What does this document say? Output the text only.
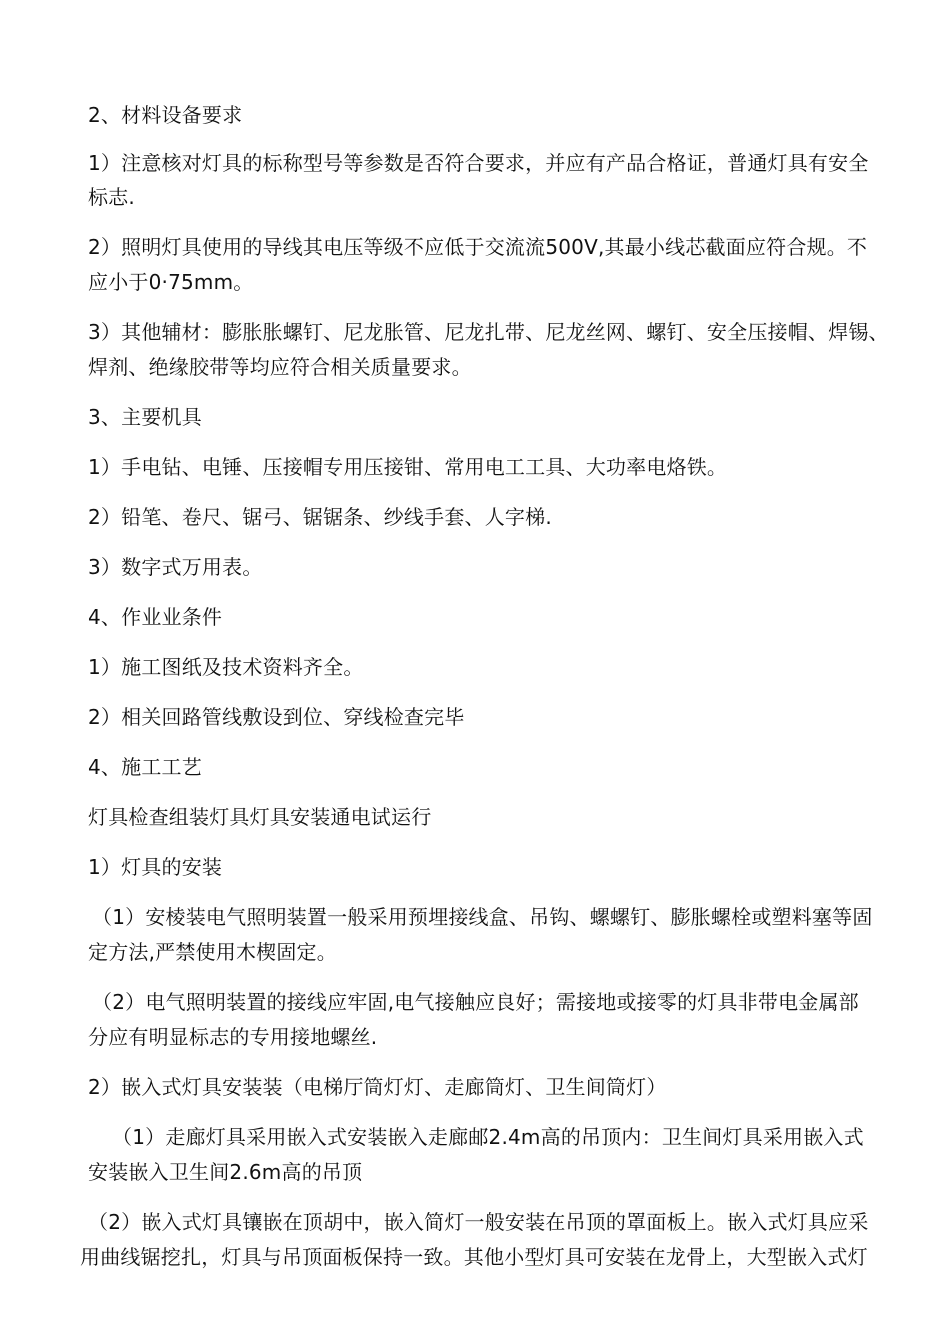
2、材料设备要求
1）注意核对灯具的标称型号等参数是否符合要求，并应有产品合格证，普通灯具有安全
标志.
2）照明灯具使用的导线其电压等级不应低于交流流500V,其最小线芯截面应符合规。不
应小于0·75mm。
3）其他辅材：膨胀胀螺钉、尼龙胀管、尼龙扎带、尼龙丝网、螺钉、安全压接帽、焊锡、
焊剂、绝缘胶带等均应符合相关质量要求。
3、主要机具
1）手电钻、电锤、压接帽专用压接钳、常用电工工具、大功率电烙铁。
2）铅笔、卷尺、锯弓、锯锯条、纱线手套、人字梯.
3）数字式万用表。
4、作业业条件
1）施工图纸及技术资料齐全。
2）相关回路管线敷设到位、穿线检查完毕
4、施工工艺
灯具检查组装灯具灯具安装通电试运行
1）灯具的安装
（1）安棱装电气照明装置一般采用预埋接线盒、吊钩、螺螺钉、膨胀螺栓或塑料塞等固
定方法,严禁使用木楔固定。
（2）电气照明装置的接线应牢固,电气接触应良好；需接地或接零的灯具非带电金属部
分应有明显标志的专用接地螺丝.
2）嵌入式灯具安装装（电梯厅筒灯灯、走廊筒灯、卫生间筒灯）
（1）走廊灯具采用嵌入式安装嵌入走廊邮2.4m高的吊顶内：卫生间灯具采用嵌入式
安装嵌入卫生间2.6m高的吊顶
（2）嵌入式灯具镶嵌在顶胡中，嵌入简灯一般安装在吊顶的罩面板上。嵌入式灯具应采
用曲线锯挖扎，灯具与吊顶面板保持一致。其他小型灯具可安装在龙骨上，大型嵌入式灯
